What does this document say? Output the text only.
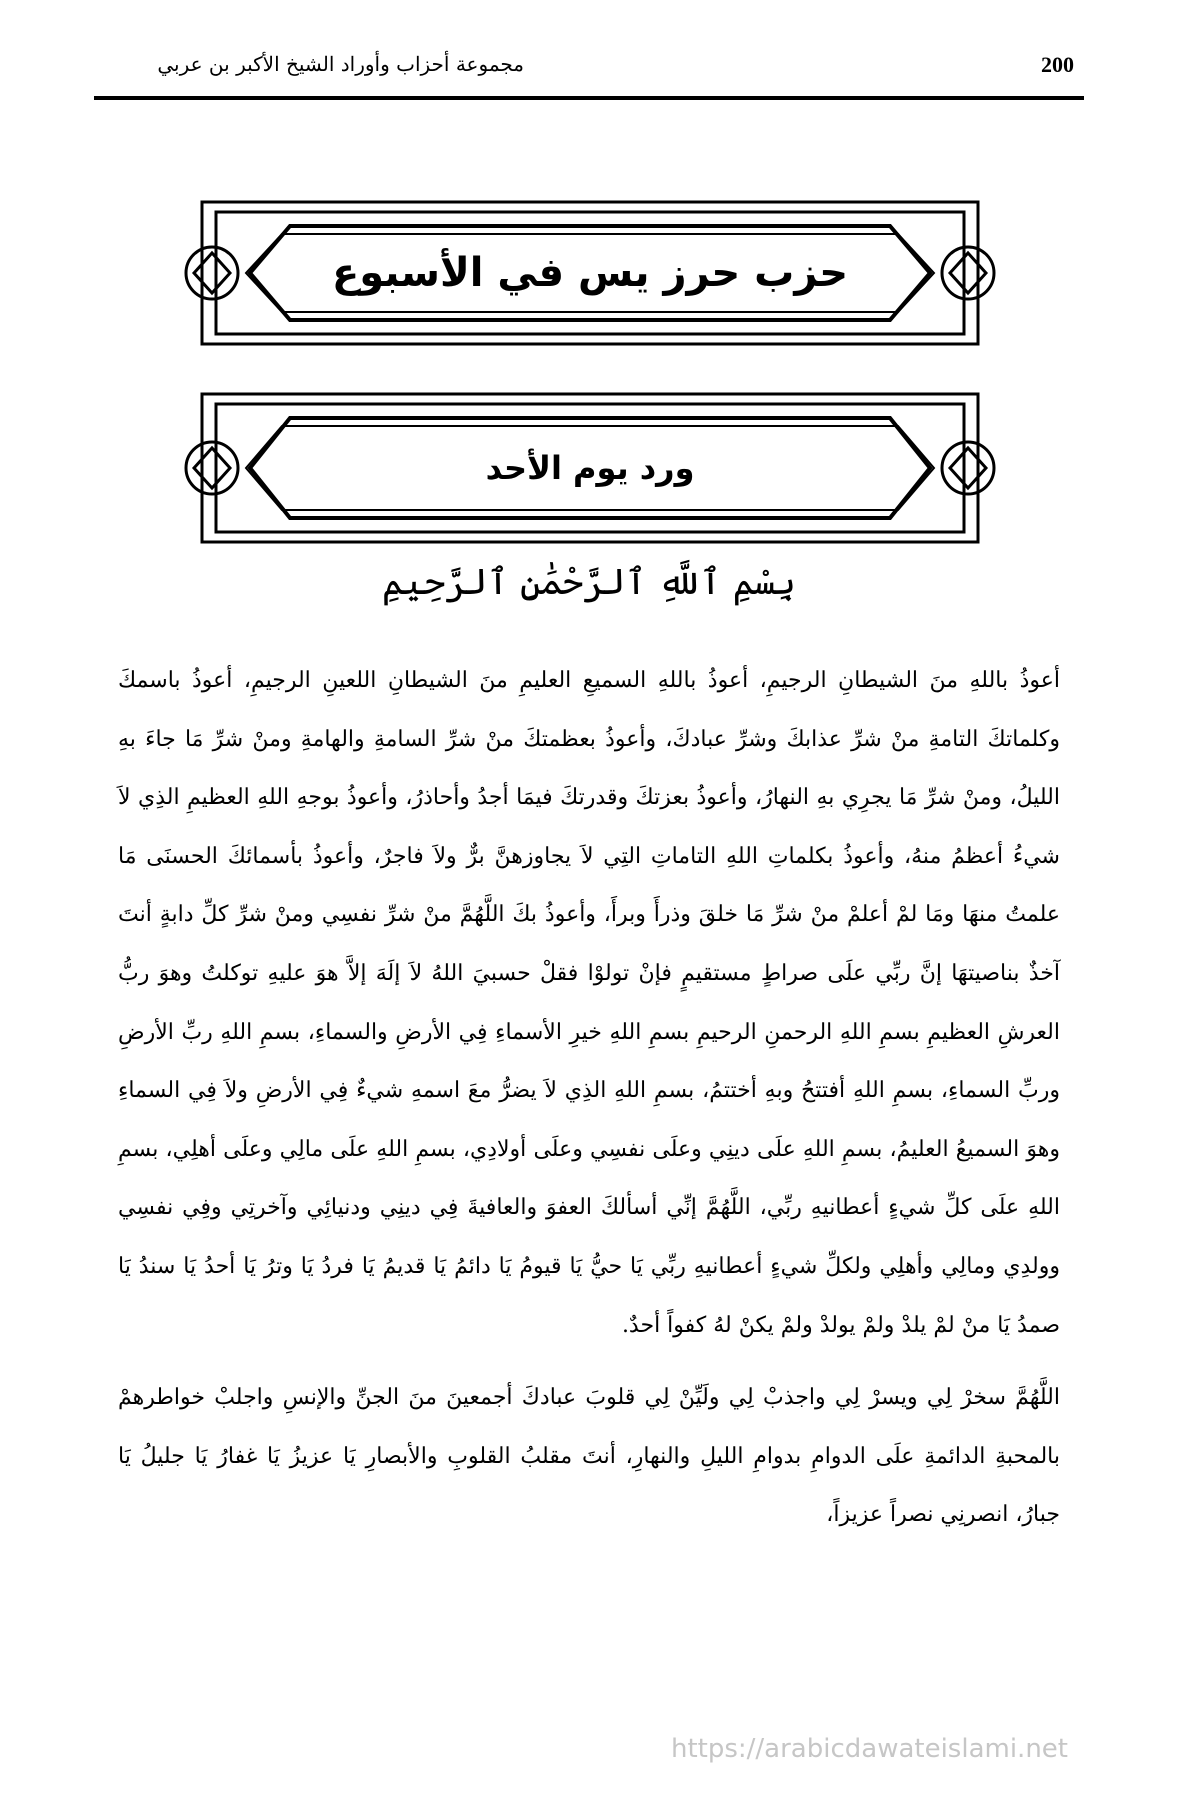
مجموعة أحزاب وأوراد الشيخ الأكبر بن عربي	200
حزب حرز يس في الأسبوع
ورد يوم الأحد
بِسْمِ ٱللَّهِ ٱلرَّحْمَٰنِ ٱلرَّحِيمِ

أعوذُ باللهِ منَ الشيطانِ الرجيمِ، أعوذُ باللهِ السميعِ العليمِ منَ الشيطانِ اللعينِ الرجيمِ، أعوذُ باسمكَ وكلماتكَ التامةِ منْ شرِّ عذابكَ وشرِّ عبادكَ، وأعوذُ بعظمتكَ منْ شرِّ السامةِ والهامةِ ومنْ شرِّ مَا جاءَ بهِ الليلُ، ومنْ شرِّ مَا يجرِي بهِ النهارُ، وأعوذُ بعزتكَ وقدرتكَ فيمَا أجدُ وأحاذرُ، وأعوذُ بوجهِ اللهِ العظيمِ الذِي لاَ شيءُ أعظمُ منهُ، وأعوذُ بكلماتِ اللهِ التاماتِ التِي لاَ يجاوزهنَّ برٌّ ولاَ فاجرٌ، وأعوذُ بأسمائكَ الحسنَى مَا علمتُ منهَا ومَا لمْ أعلمْ منْ شرِّ مَا خلقَ وذرأَ وبرأَ، وأعوذُ بكَ اللَّهُمَّ منْ شرِّ نفسِي ومنْ شرِّ كلِّ دابةٍ أنتَ آخذٌ بناصيتهَا إنَّ ربِّي علَى صراطٍ مستقيمٍ فإنْ تولوْا فقلْ حسبيَ اللهُ لاَ إلَهَ إلاَّ هوَ عليهِ توكلتُ وهوَ ربُّ العرشِ العظيمِ بسمِ اللهِ الرحمنِ الرحيمِ بسمِ اللهِ خيرِ الأسماءِ فِي الأرضِ والسماءِ، بسمِ اللهِ ربِّ الأرضِ وربِّ السماءِ، بسمِ اللهِ أفتتحُ وبهِ أختتمُ، بسمِ اللهِ الذِي لاَ يضرُّ معَ اسمهِ شيءٌ فِي الأرضِ ولاَ فِي السماءِ وهوَ السميعُ العليمُ، بسمِ اللهِ علَى دينِي وعلَى نفسِي وعلَى أولادِي، بسمِ اللهِ علَى مالِي وعلَى أهلِي، بسمِ اللهِ علَى كلِّ شيءٍ أعطانيهِ ربِّي، اللَّهُمَّ إنِّي أسألكَ العفوَ والعافيةَ فِي دينِي ودنيائِي وآخرتِي وفِي نفسِي وولدِي ومالِي وأهلِي ولكلِّ شيءٍ أعطانيهِ ربِّي يَا حيُّ يَا قيومُ يَا دائمُ يَا قديمُ يَا فردُ يَا وترُ يَا أحدُ يَا سندُ يَا صمدُ يَا منْ لمْ يلدْ ولمْ يولدْ ولمْ يكنْ لهُ كفواً أحدٌ.

اللَّهُمَّ سخرْ لِي ويسرْ لِي واجذبْ لِي ولَيِّنْ لِي قلوبَ عبادكَ أجمعينَ منَ الجنِّ والإنسِ واجلبْ خواطرهمْ بالمحبةِ الدائمةِ علَى الدوامِ بدوامِ الليلِ والنهارِ، أنتَ مقلبُ القلوبِ والأبصارِ يَا عزيزُ يَا غفارُ يَا جليلُ يَا جبارُ، انصرنِي نصراً عزيزاً،

https://arabicdawateislami.net
